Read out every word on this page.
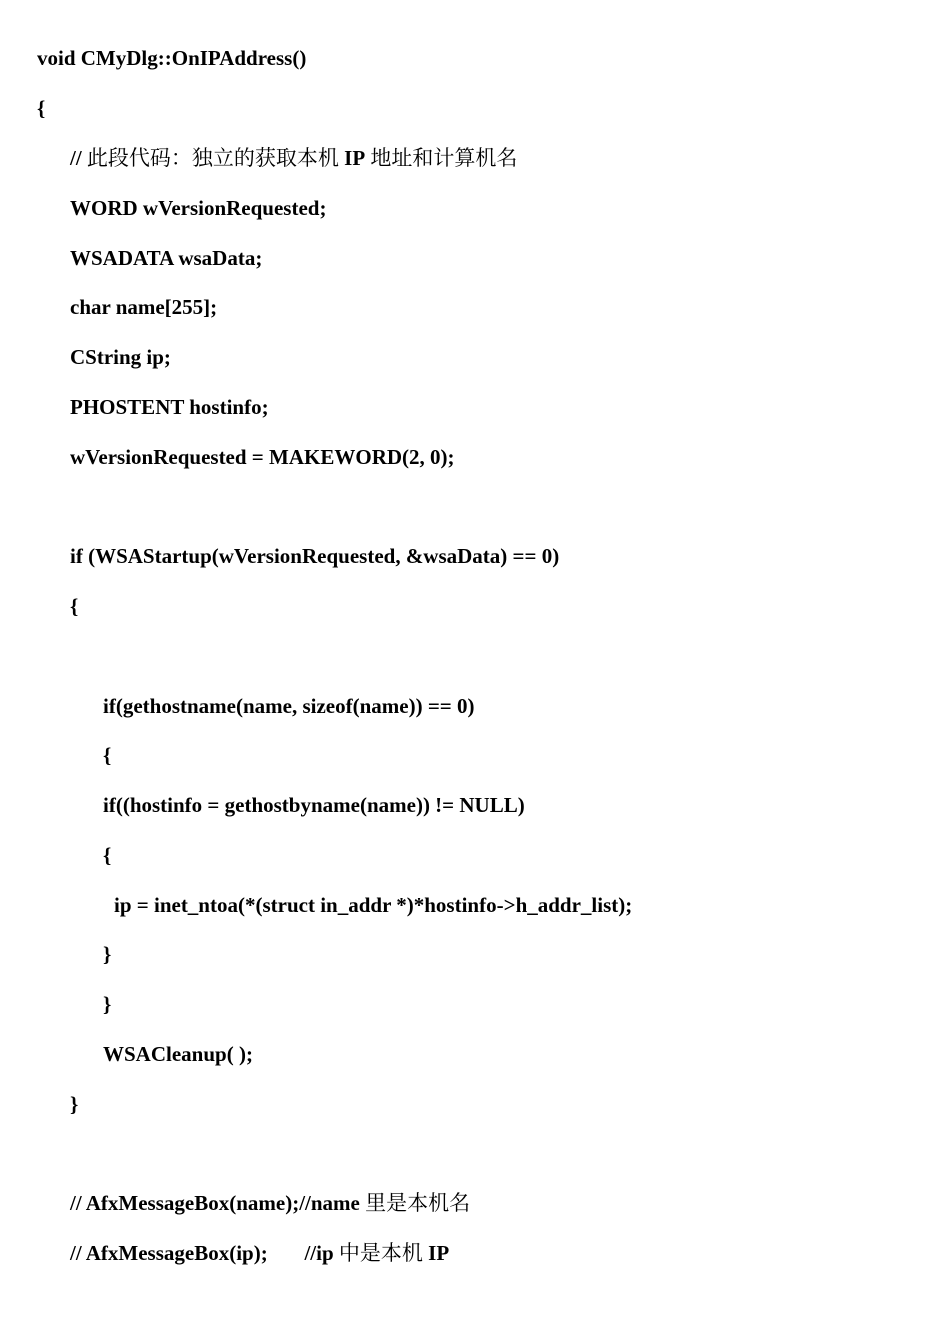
void CMyDlg::OnIPAddress()
{
// 此段代码：独立的获取本机 IP 地址和计算机名
WORD wVersionRequested;
WSADATA wsaData;
char name[255];
CString ip;
PHOSTENT hostinfo;
wVersionRequested = MAKEWORD(2, 0);
if (WSAStartup(wVersionRequested, &wsaData) == 0)
{
if(gethostname(name, sizeof(name)) == 0)
{
if((hostinfo = gethostbyname(name)) != NULL)
{
ip = inet_ntoa(*(struct in_addr *)*hostinfo->h_addr_list);
}
}
WSACleanup( );
}
// AfxMessageBox(name);//name 里是本机名
// AfxMessageBox(ip);       //ip 中是本机 IP
